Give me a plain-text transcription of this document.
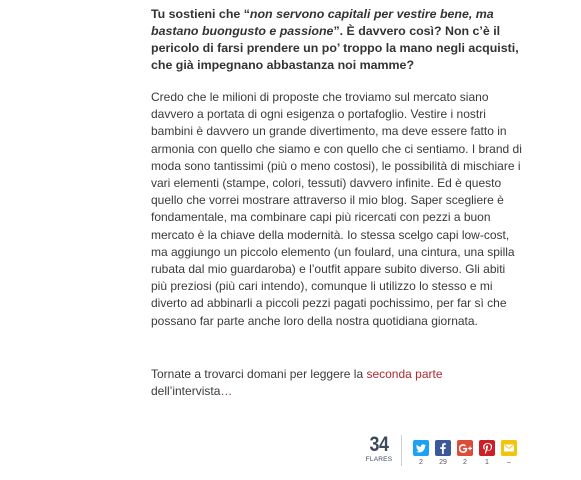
Tu sostieni che “non servono capitali per vestire bene, ma bastano buongusto e passione”. È davvero così? Non c’è il pericolo di farsi prendere un po’ troppo la mano negli acquisti, che già impegnano abbastanza noi mamme?

Credo che le milioni di proposte che troviamo sul mercato siano davvero a portata di ogni esigenza o portafoglio. Vestire i nostri bambini è davvero un grande divertimento, ma deve essere fatto in armonia con quello che siamo e con quello che ci sentiamo. I brand di moda sono tantissimi (più o meno costosi), le possibilità di mischiare i vari elementi (stampe, colori, tessuti) davvero infinite. Ed è questo quello che vorrei mostrare attraverso il mio blog. Saper scegliere è fondamentale, ma combinare capi più ricercati con pezzi a buon mercato è la chiave della modernità. Io stessa scelgo capi low-cost, ma aggiungo un piccolo elemento (un foulard, una cintura, una spilla rubata dal mio guardaroba) e l’outfit appare subito diverso. Gli abiti più preziosi (più cari intendo), comunque li utilizzo lo stesso e mi diverto ad abbinarli a piccoli pezzi pagati pochissimo, per far sì che possano far parte anche loro della nostra quotidiana giornata.

Tornate a trovarci domani per leggere la seconda parte dell’intervista…

34
FLARES	2	29	2	1	–
